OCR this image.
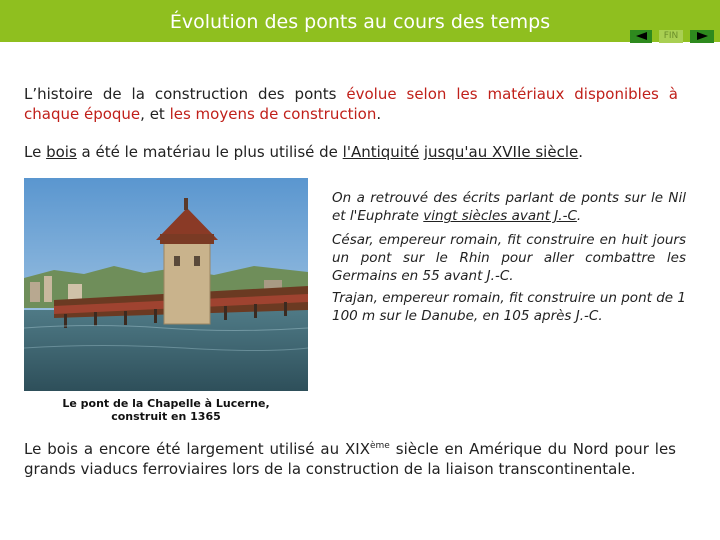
Évolution des ponts au cours des temps
FIN
L’histoire de la construction des ponts évolue selon les matériaux disponibles à chaque époque, et les moyens de construction.
Le bois a été le matériau le plus utilisé de l'Antiquité jusqu'au XVIIe siècle.
Le pont de la Chapelle à Lucerne, construit en 1365
On a retrouvé des écrits parlant de ponts sur le Nil et l'Euphrate vingt siècles avant J.-C.
César, empereur romain, fit construire en huit jours un pont sur le Rhin pour aller combattre les Germains en 55 avant J.-C.
Trajan, empereur romain, fit construire un pont de 1 100 m sur le Danube, en 105 après J.-C.
Le bois a encore été largement utilisé au XIXème siècle en Amérique du Nord pour les grands viaducs ferroviaires lors de la construction de la liaison transcontinentale.
